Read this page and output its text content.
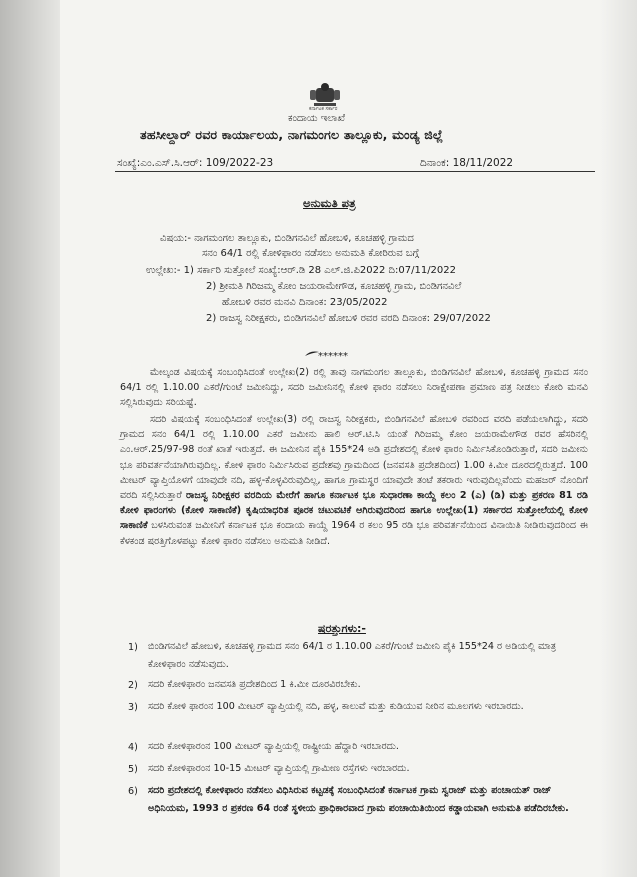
ಕರ್ನಾಟಕ ಸರ್ಕಾರ
ಕಂದಾಯ ಇಲಾಖೆ
ತಹಸೀಲ್ದಾರ್ ರವರ ಕಾರ್ಯಾಲಯ, ನಾಗಮಂಗಲ ತಾಲ್ಲೂಕು, ಮಂಡ್ಯ ಜಿಲ್ಲೆ
ಸಂಖ್ಯೆ:ಎಂ.ಎಸ್.ಸಿ.ಆರ್: 109/2022-23	ದಿನಾಂಕ: 18/11/2022
ಅನುಮತಿ ಪತ್ರ
ವಿಷಯ:- ನಾಗಮಂಗಲ ತಾಲ್ಲೂಕು, ಬಿಂಡಿಗನವಿಲೆ ಹೋಬಳಿ, ಕೂಚಹಳ್ಳಿ ಗ್ರಾಮದ
ಸನಂ 64/1 ರಲ್ಲಿ ಕೋಳಿಫಾರಂ ನಡೆಸಲು ಅನುಮತಿ ಕೋರಿರುವ ಬಗ್ಗೆ
ಉಲ್ಲೇಖ:- 1) ಸರ್ಕಾರಿ ಸುತ್ತೋಲೆ ಸಂಖ್ಯೆ:ಆರ್.ಡಿ 28 ಎಲ್.ಜಿ.ಪಿ2022 ದಿ:07/11/2022
2) ಶ್ರೀಮತಿ ಗಿರಿಜಮ್ಮ ಕೋಂ ಜಯರಾಮೇಗೌಡ, ಕೂಚಹಳ್ಳಿ ಗ್ರಾಮ, ಬಿಂಡಿಗನವಿಲೆ
ಹೋಬಳಿ ರವರ ಮನವಿ ದಿನಾಂಕ: 23/05/2022
2) ರಾಜಸ್ವ ನಿರೀಕ್ಷಕರು, ಬಿಂಡಿಗನವಿಲೆ ಹೋಬಳಿ ರವರ ವರದಿ ದಿನಾಂಕ: 29/07/2022
******
ಮೇಲ್ಕಂಡ ವಿಷಯಕ್ಕೆ ಸಂಬಂಧಿಸಿದಂತೆ ಉಲ್ಲೇಖ(2) ರಲ್ಲಿ ತಾವು ನಾಗಮಂಗಲ ತಾಲ್ಲೂಕು, ಬಿಂಡಿಗನವಿಲೆ ಹೋಬಳಿ, ಕೂಚಹಳ್ಳಿ ಗ್ರಾಮದ ಸನಂ 64/1 ರಲ್ಲಿ 1.10.00 ಎಕರೆ/ಗುಂಟೆ ಜಮೀನಿದ್ದು, ಸದರಿ ಜಮೀನಿನಲ್ಲಿ ಕೋಳಿ ಫಾರಂ ನಡೆಸಲು ನಿರಾಕ್ಷೇಪಣಾ ಪ್ರಮಾಣ ಪತ್ರ ನೀಡಲು ಕೋರಿ ಮನವಿ ಸಲ್ಲಿಸಿರುವುದು ಸರಿಯಷ್ಟೆ.
ಸದರಿ ವಿಷಯಕ್ಕೆ ಸಂಬಂಧಿಸಿದಂತೆ ಉಲ್ಲೇಖ(3) ರಲ್ಲಿ ರಾಜಸ್ವ ನಿರೀಕ್ಷಕರು, ಬಿಂಡಿಗನವಿಲೆ ಹೋಬಳಿ ರವರಿಂದ ವರದಿ ಪಡೆಯಲಾಗಿದ್ದು, ಸದರಿ ಗ್ರಾಮದ ಸನಂ 64/1 ರಲ್ಲಿ 1.10.00 ಎಕರೆ ಜಮೀನು ಹಾಲಿ ಆರ್.ಟಿ.ಸಿ ಯಂತೆ ಗಿರಿಜಮ್ಮ ಕೋಂ ಜಯರಾಮೇಗೌಡ ರವರ ಹೆಸರಿನಲ್ಲಿ ಎಂ.ಆರ್.25/97-98 ರಂತೆ ಖಾತೆ ಇರುತ್ತದೆ. ಈ ಜಮೀನಿನ ಪೈಕಿ 155*24 ಅಡಿ ಪ್ರದೇಶದಲ್ಲಿ ಕೋಳಿ ಫಾರಂ ನಿರ್ಮಿಸಿಕೊಂಡಿರುತ್ತಾರೆ, ಸದರಿ ಜಮೀನು ಭೂ ಪರಿವರ್ತನೆಯಾಗಿರುವುದಿಲ್ಲ. ಕೋಳಿ ಫಾರಂ ನಿರ್ಮಿಸಿರುವ ಪ್ರದೇಶವು ಗ್ರಾಮದಿಂದ (ಜನವಸತಿ ಪ್ರದೇಶದಿಂದ) 1.00 ಕಿ.ಮೀ ದೂರದಲ್ಲಿರುತ್ತದೆ. 100 ಮೀಟರ್ ವ್ಯಾಪ್ತಿಯೊಳಗೆ ಯಾವುದೇ ನದಿ, ಹಳ್ಳ-ಕೊಳ್ಳವಿರುವುದಿಲ್ಲ, ಹಾಗೂ ಗ್ರಾಮಸ್ಥರ ಯಾವುದೇ ತಂಟೆ ತಕರಾರು ಇರುವುದಿಲ್ಲವೆಂದು ಮಹಜರ್ ನೊಂದಿಗೆ ವರದಿ ಸಲ್ಲಿಸಿರುತ್ತಾರೆ ರಾಜಸ್ವ ನಿರೀಕ್ಷಕರ ವರದಿಯ ಮೇರೆಗೆ ಹಾಗೂ ಕರ್ನಾಟಕ ಭೂ ಸುಧಾರಣಾ ಕಾಯ್ದೆ ಕಲಂ 2 (ಎ) (ಡಿ) ಮತ್ತು ಪ್ರಕರಣ 81 ರಡಿ ಕೋಳಿ ಫಾರಂಗಳು (ಕೋಳಿ ಸಾಕಾಣಿಕೆ) ಕೃಷಿಯಾಧರಿತ ಪೂರಕ ಚಟುವಟಿಕೆ ಆಗಿರುವುದರಿಂದ ಹಾಗೂ ಉಲ್ಲೇಖ(1) ಸರ್ಕಾರದ ಸುತ್ತೋಲೆಯಲ್ಲಿ ಕೋಳಿ ಸಾಕಾಣಿಕೆ ಬಳಸಿರುವಂತ ಜಮೀನಿಗೆ ಕರ್ನಾಟಕ ಭೂ ಕಂದಾಯ ಕಾಯ್ದೆ 1964 ರ ಕಲಂ 95 ರಡಿ ಭೂ ಪರಿವರ್ತನೆಯಿಂದ ವಿನಾಯಿತಿ ನೀಡಿರುವುದರಿಂದ ಈ ಕೆಳಕಂಡ ಷರತ್ತಿಗೊಳಪಟ್ಟು ಕೋಳಿ ಫಾರಂ ನಡೆಸಲು ಅನುಮತಿ ನೀಡಿದೆ.
ಷರತ್ತುಗಳು:-
1) ಬಿಂಡಿಗನವಿಲೆ ಹೋಬಳಿ, ಕೂಚಹಳ್ಳಿ ಗ್ರಾಮದ ಸನಂ 64/1 ರ 1.10.00 ಎಕರೆ/ಗುಂಟೆ ಜಮೀನಿ ಪೈಕಿ 155*24 ರ ಅಡಿಯಲ್ಲಿ ಮಾತ್ರ ಕೋಳಿಫಾರಂ ನಡೆಸುವುದು.
2) ಸದರಿ ಕೋಳಿಫಾರಂ ಜನವಸತಿ ಪ್ರದೇಶದಿಂದ 1 ಕಿ.ಮೀ ದೂರವಿರಬೇಕು.
3) ಸದರಿ ಕೋಳಿ ಫಾರಂನ 100 ಮೀಟರ್ ವ್ಯಾಪ್ತಿಯಲ್ಲಿ ನದಿ, ಹಳ್ಳ, ಕಾಲುವೆ ಮತ್ತು ಕುಡಿಯುವ ನೀರಿನ ಮೂಲಗಳು ಇರಬಾರದು.
4) ಸದರಿ ಕೋಳಿಫಾರಂನ 100 ಮೀಟರ್ ವ್ಯಾಪ್ತಿಯಲ್ಲಿ ರಾಷ್ಟ್ರೀಯ ಹೆದ್ದಾರಿ ಇರಬಾರದು.
5) ಸದರಿ ಕೋಳಿಫಾರಂನ 10-15 ಮೀಟರ್ ವ್ಯಾಪ್ತಿಯಲ್ಲಿ ಗ್ರಾಮೀಣ ರಸ್ತೆಗಳು ಇರಬಾರದು.
6) ಸದರಿ ಪ್ರದೇಶದಲ್ಲಿ ಕೋಳಿಫಾರಂ ನಡೆಸಲು ವಿಧಿಸಿರುವ ಕಟ್ಟಡಕ್ಕೆ ಸಂಬಂಧಿಸಿದಂತೆ ಕರ್ನಾಟಕ ಗ್ರಾಮ ಸ್ವರಾಜ್ ಮತ್ತು ಪಂಚಾಯತ್ ರಾಜ್ ಅಧಿನಿಯಮ, 1993 ರ ಪ್ರಕರಣ 64 ರಂತೆ ಸ್ಥಳೀಯ ಪ್ರಾಧಿಕಾರವಾದ ಗ್ರಾಮ ಪಂಚಾಯಿತಿಯಿಂದ ಕಡ್ಡಾಯವಾಗಿ ಅನುಮತಿ ಪಡೆದಿರಬೇಕು.
